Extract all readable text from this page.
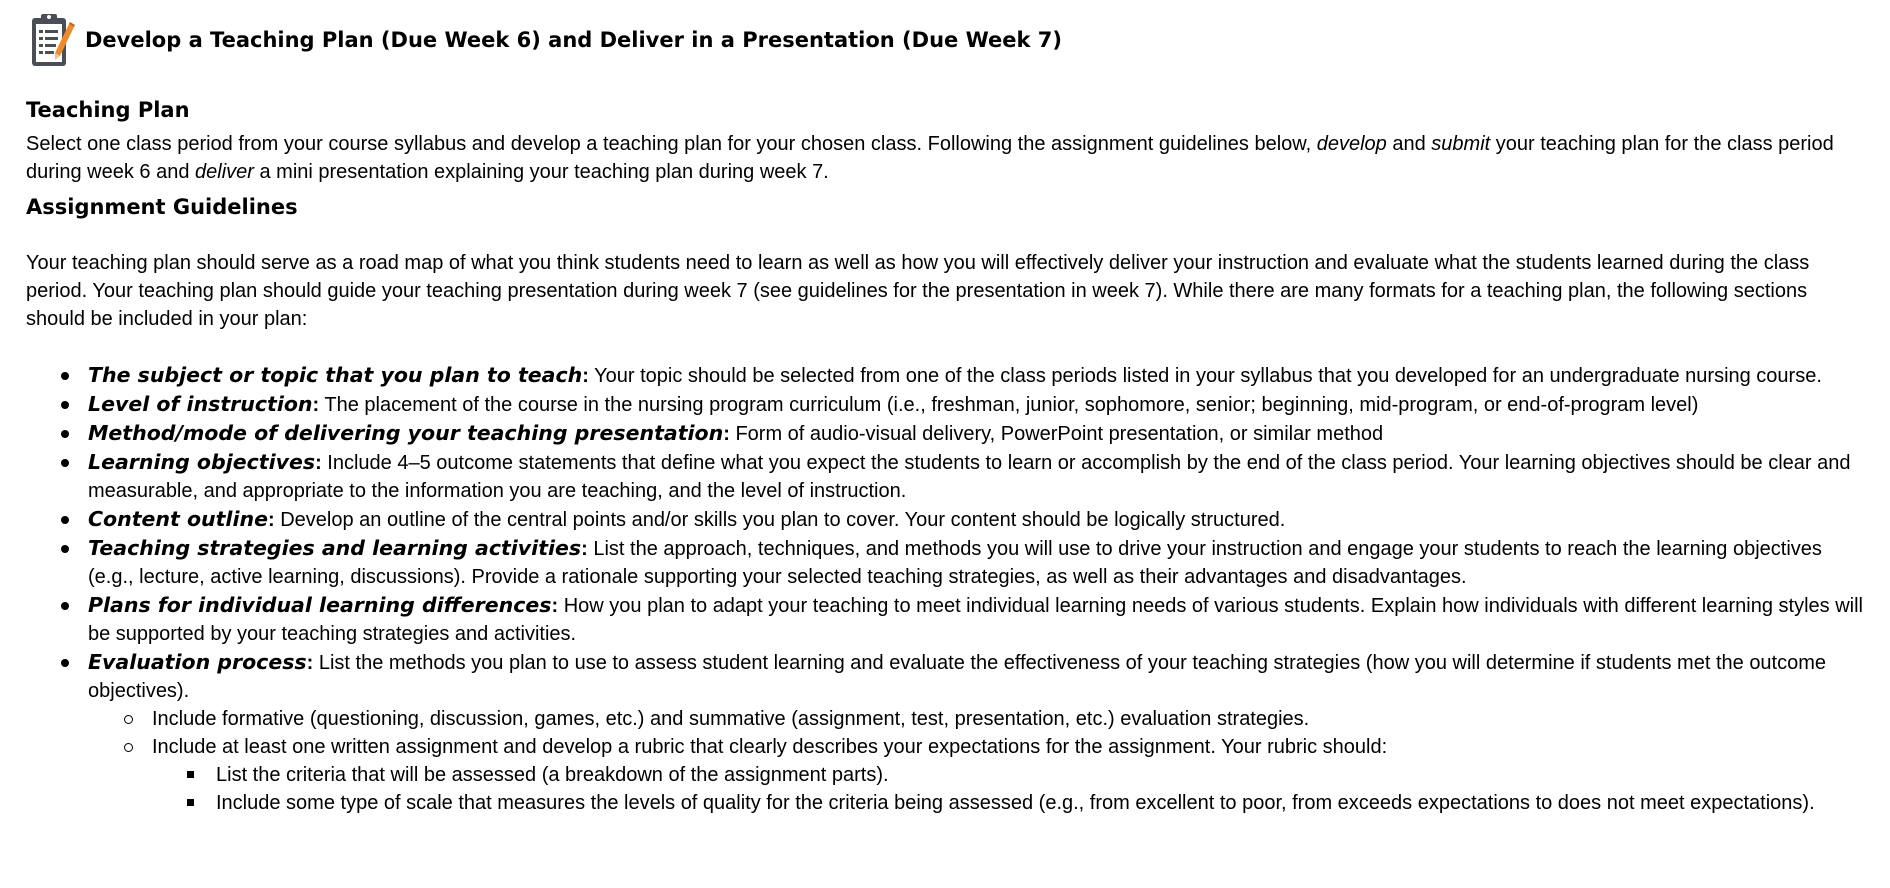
Develop a Teaching Plan (Due Week 6) and Deliver in a Presentation (Due Week 7)
Teaching Plan

Select one class period from your course syllabus and develop a teaching plan for your chosen class. Following the assignment guidelines below, develop and submit your teaching plan for the class period during week 6 and deliver a mini presentation explaining your teaching plan during week 7.

Assignment Guidelines

Your teaching plan should serve as a road map of what you think students need to learn as well as how you will effectively deliver your instruction and evaluate what the students learned during the class period. Your teaching plan should guide your teaching presentation during week 7 (see guidelines for the presentation in week 7). While there are many formats for a teaching plan, the following sections should be included in your plan:

The subject or topic that you plan to teach: Your topic should be selected from one of the class periods listed in your syllabus that you developed for an undergraduate nursing course.
Level of instruction: The placement of the course in the nursing program curriculum (i.e., freshman, junior, sophomore, senior; beginning, mid-program, or end-of-program level)
Method/mode of delivering your teaching presentation: Form of audio-visual delivery, PowerPoint presentation, or similar method
Learning objectives: Include 4–5 outcome statements that define what you expect the students to learn or accomplish by the end of the class period. Your learning objectives should be clear and measurable, and appropriate to the information you are teaching, and the level of instruction.
Content outline: Develop an outline of the central points and/or skills you plan to cover. Your content should be logically structured.
Teaching strategies and learning activities: List the approach, techniques, and methods you will use to drive your instruction and engage your students to reach the learning objectives (e.g., lecture, active learning, discussions). Provide a rationale supporting your selected teaching strategies, as well as their advantages and disadvantages.
Plans for individual learning differences: How you plan to adapt your teaching to meet individual learning needs of various students. Explain how individuals with different learning styles will be supported by your teaching strategies and activities.
Evaluation process: List the methods you plan to use to assess student learning and evaluate the effectiveness of your teaching strategies (how you will determine if students met the outcome objectives).
Include formative (questioning, discussion, games, etc.) and summative (assignment, test, presentation, etc.) evaluation strategies.
Include at least one written assignment and develop a rubric that clearly describes your expectations for the assignment. Your rubric should:
List the criteria that will be assessed (a breakdown of the assignment parts).
Include some type of scale that measures the levels of quality for the criteria being assessed (e.g., from excellent to poor, from exceeds expectations to does not meet expectations).
